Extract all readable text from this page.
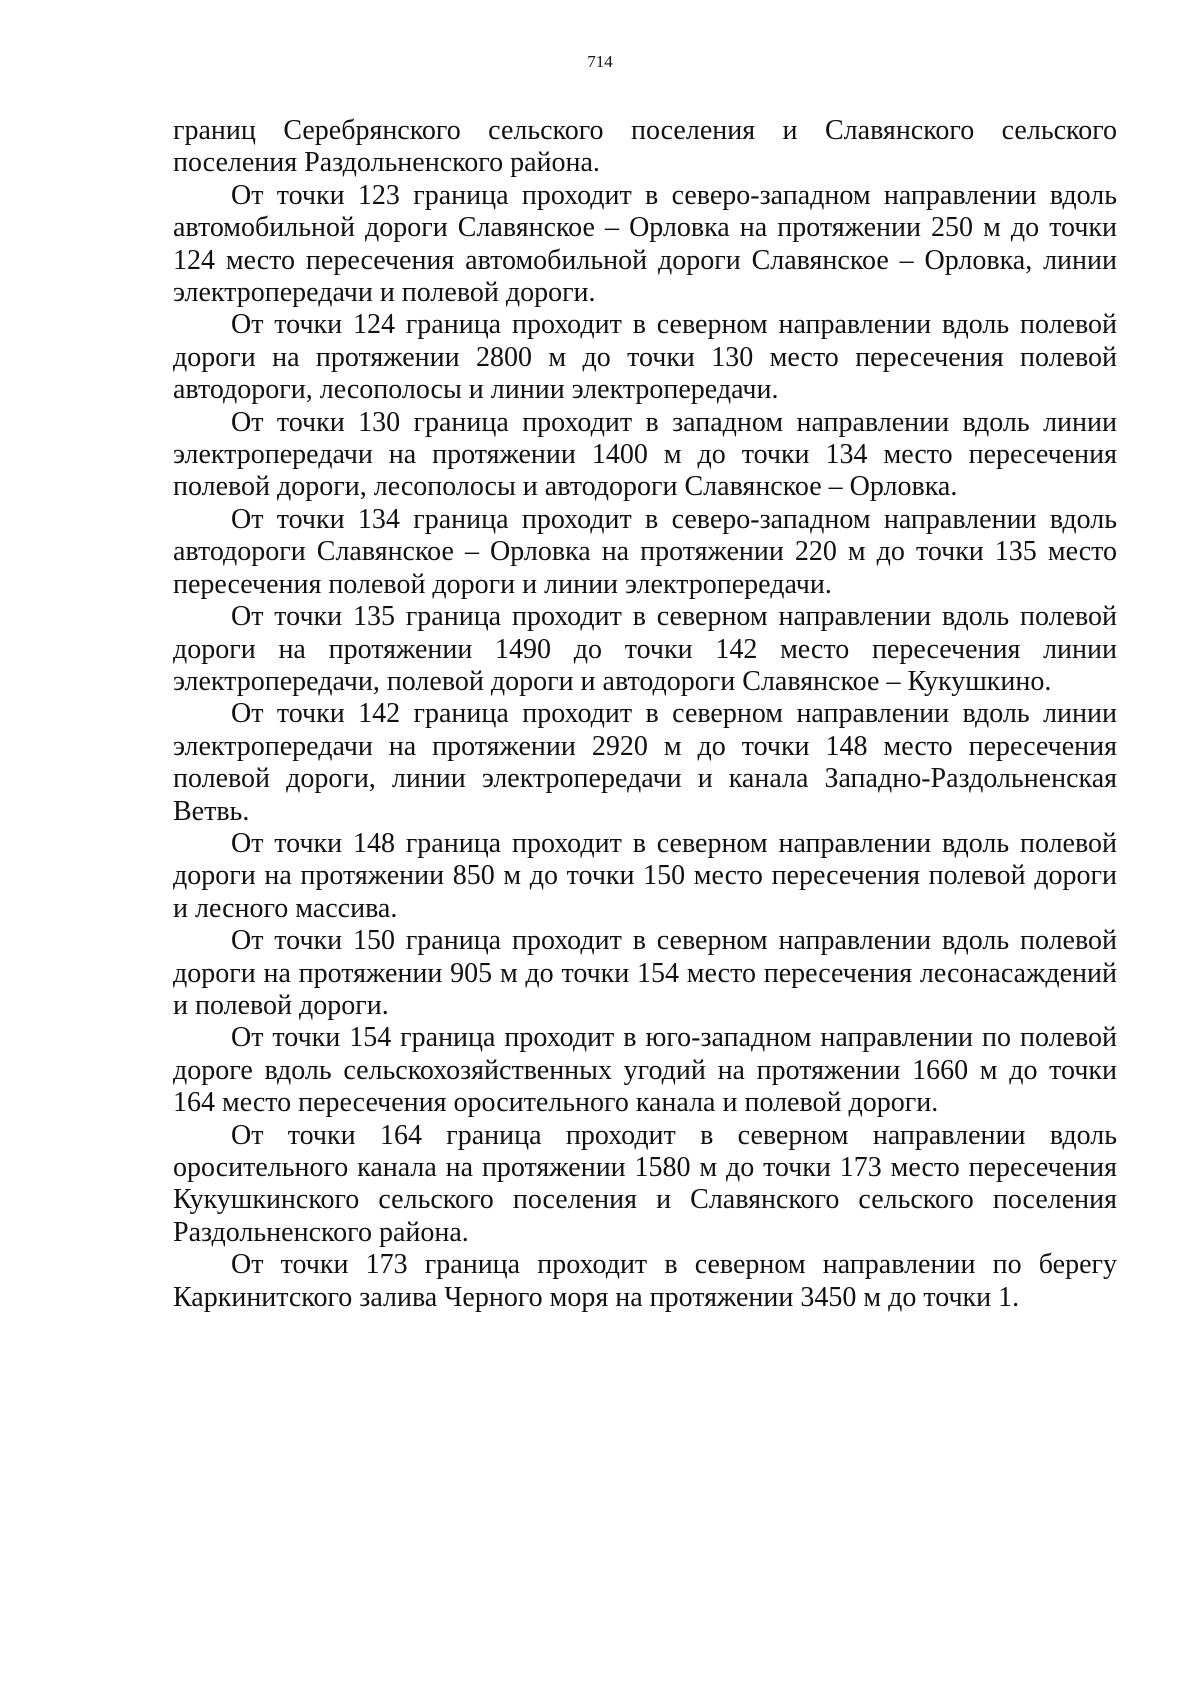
714

границ Серебрянского сельского поселения и Славянского сельского поселения Раздольненского района.

От точки 123 граница проходит в северо-западном направлении вдоль автомобильной дороги Славянское – Орловка на протяжении 250 м до точки 124 место пересечения автомобильной дороги Славянское – Орловка, линии электропередачи и полевой дороги.

От точки 124 граница проходит в северном направлении вдоль полевой дороги на протяжении 2800 м до точки 130 место пересечения полевой автодороги, лесополосы и линии электропередачи.

От точки 130 граница проходит в западном направлении вдоль линии электропередачи на протяжении 1400 м до точки 134 место пересечения полевой дороги, лесополосы и автодороги Славянское – Орловка.

От точки 134 граница проходит в северо-западном направлении вдоль автодороги Славянское – Орловка на протяжении 220 м до точки 135 место пересечения полевой дороги и линии электропередачи.

От точки 135 граница проходит в северном направлении вдоль полевой дороги на протяжении 1490 до точки 142 место пересечения линии электропередачи, полевой дороги и автодороги Славянское – Кукушкино.

От точки 142 граница проходит в северном направлении вдоль линии электропередачи на протяжении 2920 м до точки 148 место пересечения полевой дороги, линии электропередачи и канала Западно-Раздольненская Ветвь.

От точки 148 граница проходит в северном направлении вдоль полевой дороги на протяжении 850 м до точки 150 место пересечения полевой дороги и лесного массива.

От точки 150 граница проходит в северном направлении вдоль полевой дороги на протяжении 905 м до точки 154 место пересечения лесонасаждений и полевой дороги.

От точки 154 граница проходит в юго-западном направлении по полевой дороге вдоль сельскохозяйственных угодий на протяжении 1660 м до точки 164 место пересечения оросительного канала и полевой дороги.

От точки 164 граница проходит в северном направлении вдоль оросительного канала на протяжении 1580 м до точки 173 место пересечения Кукушкинского сельского поселения и Славянского сельского поселения Раздольненского района.

От точки 173 граница проходит в северном направлении по берегу Каркинитского залива Черного моря на протяжении 3450 м до точки 1.
